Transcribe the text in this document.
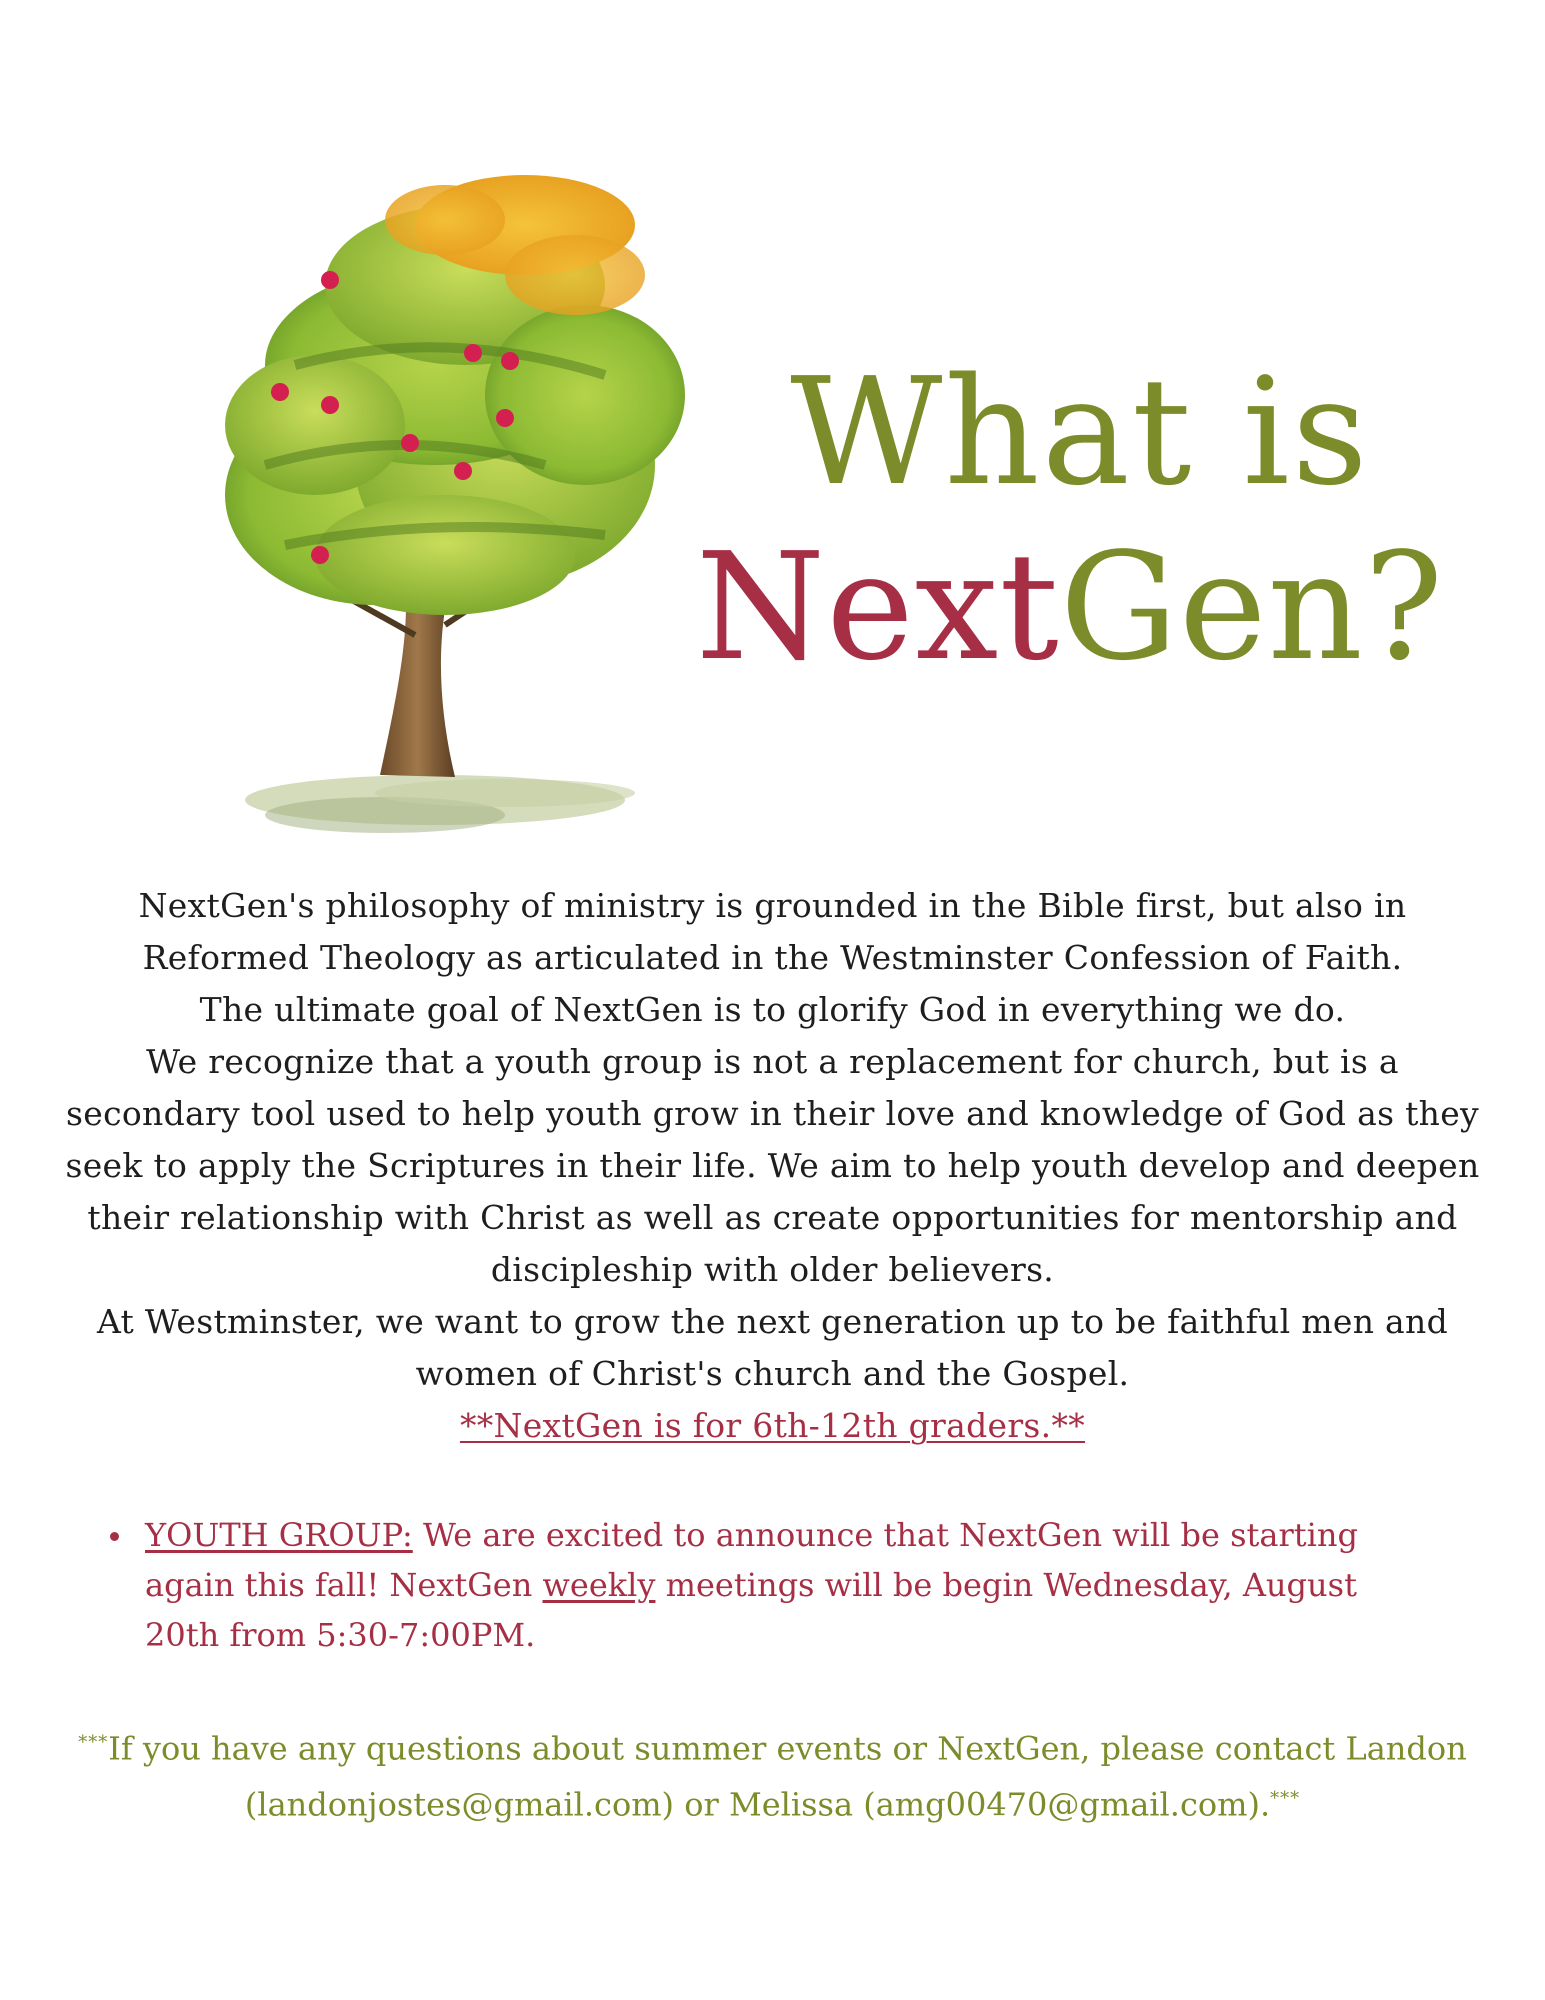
What is
NextGen?

NextGen's philosophy of ministry is grounded in the Bible first, but also in Reformed Theology as articulated in the Westminster Confession of Faith.

The ultimate goal of NextGen is to glorify God in everything we do.

We recognize that a youth group is not a replacement for church, but is a secondary tool used to help youth grow in their love and knowledge of God as they seek to apply the Scriptures in their life. We aim to help youth develop and deepen their relationship with Christ as well as create opportunities for mentorship and discipleship with older believers.

At Westminster, we want to grow the next generation up to be faithful men and women of Christ's church and the Gospel.

**NextGen is for 6th-12th graders.**

YOUTH GROUP: We are excited to announce that NextGen will be starting again this fall! NextGen weekly meetings will be begin Wednesday, August 20th from 5:30-7:00PM.
***If you have any questions about summer events or NextGen, please contact Landon (landonjostes@gmail.com) or Melissa (amg00470@gmail.com).***
